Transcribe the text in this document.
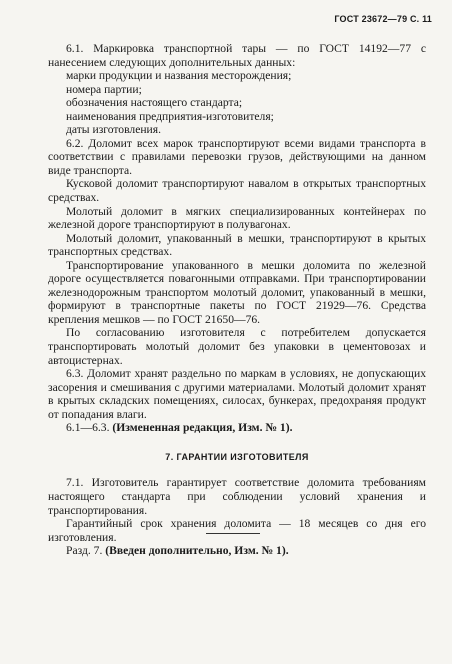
ГОСТ 23672—79 С. 11

6.1. Маркировка транспортной тары — по ГОСТ 14192—77 с нанесением следующих дополнительных данных:

марки продукции и названия месторождения;
номера партии;
обозначения настоящего стандарта;
наименования предприятия-изготовителя;
даты изготовления.

6.2. Доломит всех марок транспортируют всеми видами транспорта в соответствии с правилами перевозки грузов, действующими на данном виде транспорта.

Кусковой доломит транспортируют навалом в открытых транспортных средствах.

Молотый доломит в мягких специализированных контейнерах по железной дороге транспортируют в полувагонах.

Молотый доломит, упакованный в мешки, транспортируют в крытых транспортных средствах.

Транспортирование упакованного в мешки доломита по железной дороге осуществляется повагонными отправками. При транспортировании железнодорожным транспортом молотый доломит, упакованный в мешки, формируют в транспортные пакеты по ГОСТ 21929—76. Средства крепления мешков — по ГОСТ 21650—76.

По согласованию изготовителя с потребителем допускается транспортировать молотый доломит без упаковки в цементовозах и автоцистернах.

6.3. Доломит хранят раздельно по маркам в условиях, не допускающих засорения и смешивания с другими материалами. Молотый доломит хранят в крытых складских помещениях, силосах, бункерах, предохраняя продукт от попадания влаги.

6.1—6.3. (Измененная редакция, Изм. № 1).

7. ГАРАНТИИ ИЗГОТОВИТЕЛЯ

7.1. Изготовитель гарантирует соответствие доломита требованиям настоящего стандарта при соблюдении условий хранения и транспортирования.

Гарантийный срок хранения доломита — 18 месяцев со дня его изготовления.

Разд. 7. (Введен дополнительно, Изм. № 1).
